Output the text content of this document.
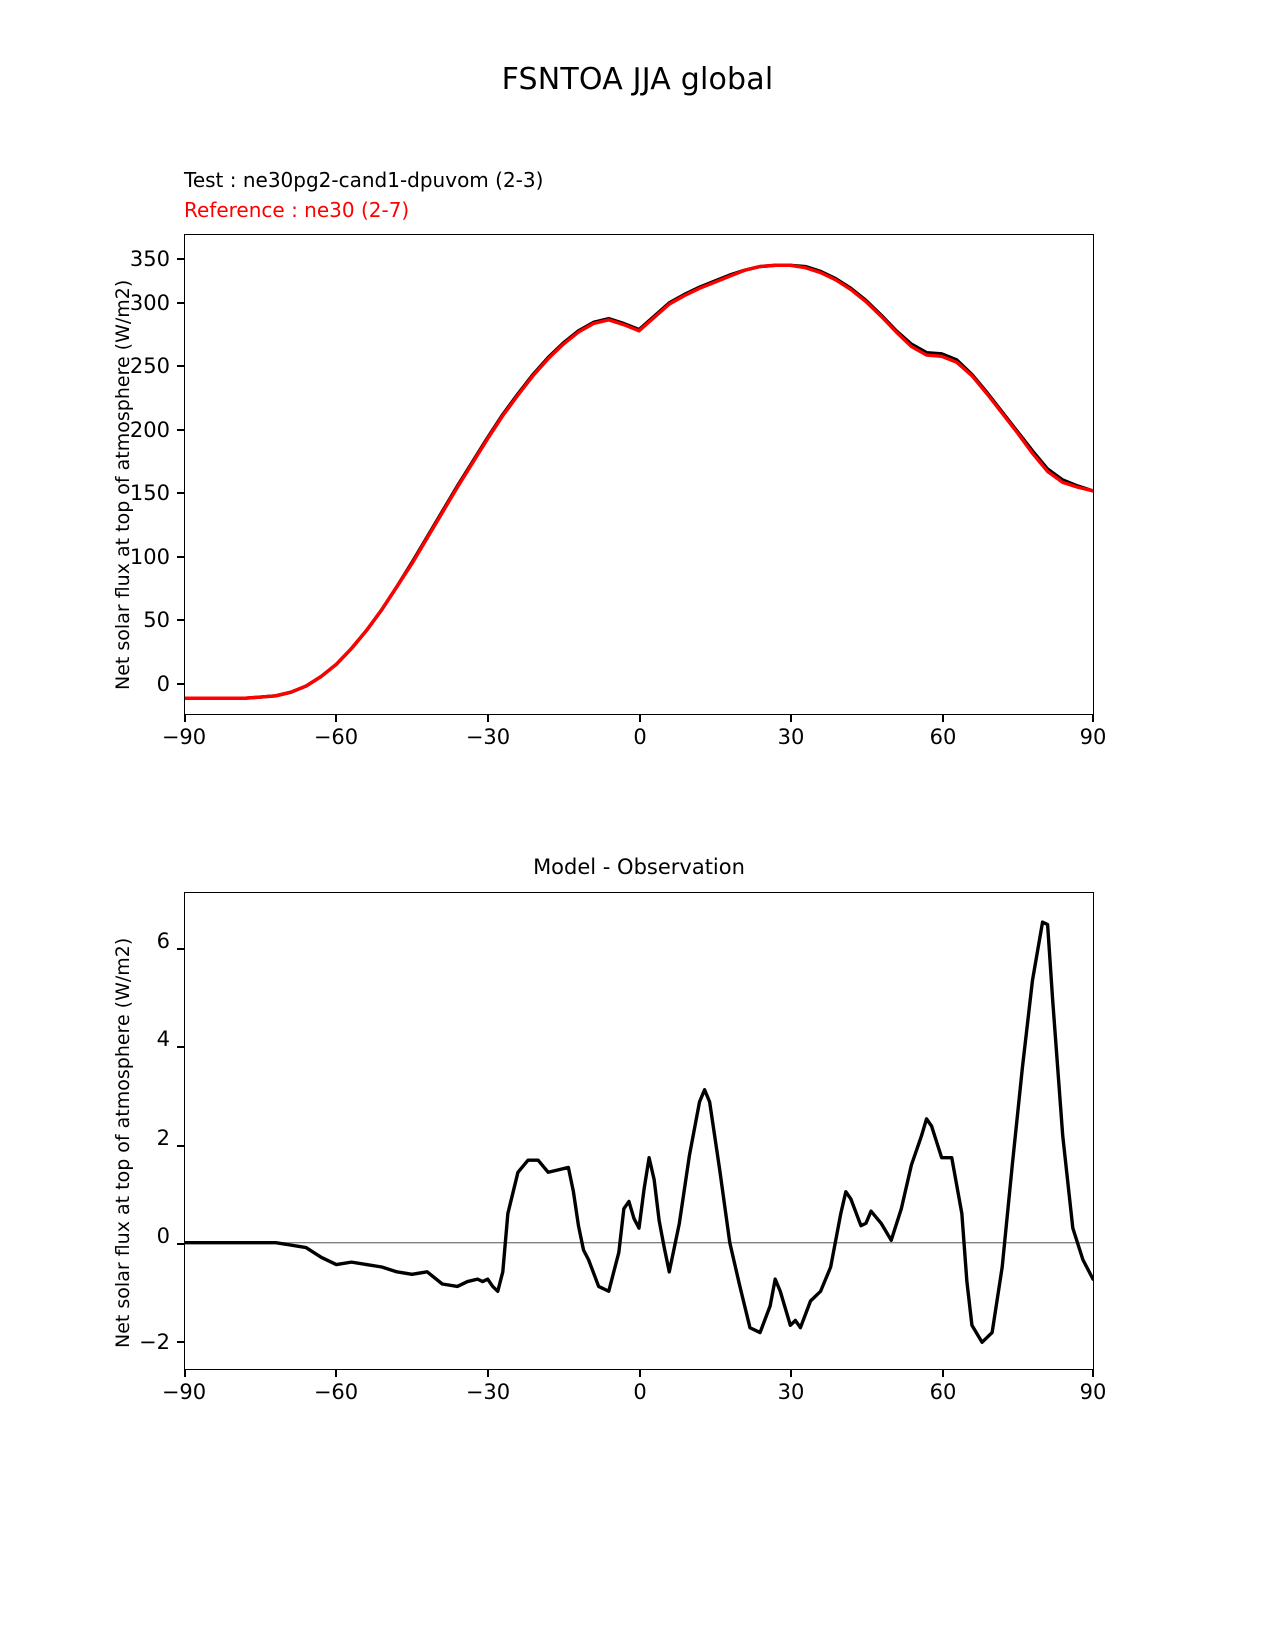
FSNTOA JJA global
Test : ne30pg2-cand1-dpuvom (2-3)
Reference : ne30 (2-7)
Net solar flux at top of atmosphere (W/m2)	0
50
100
150
200
250
300
350
−90	−60	−30	0	30	60	90
Model - Observation
Net solar flux at top of atmosphere (W/m2) −2
0
2
4
6
−90	−60	−30	0	30	60	90
